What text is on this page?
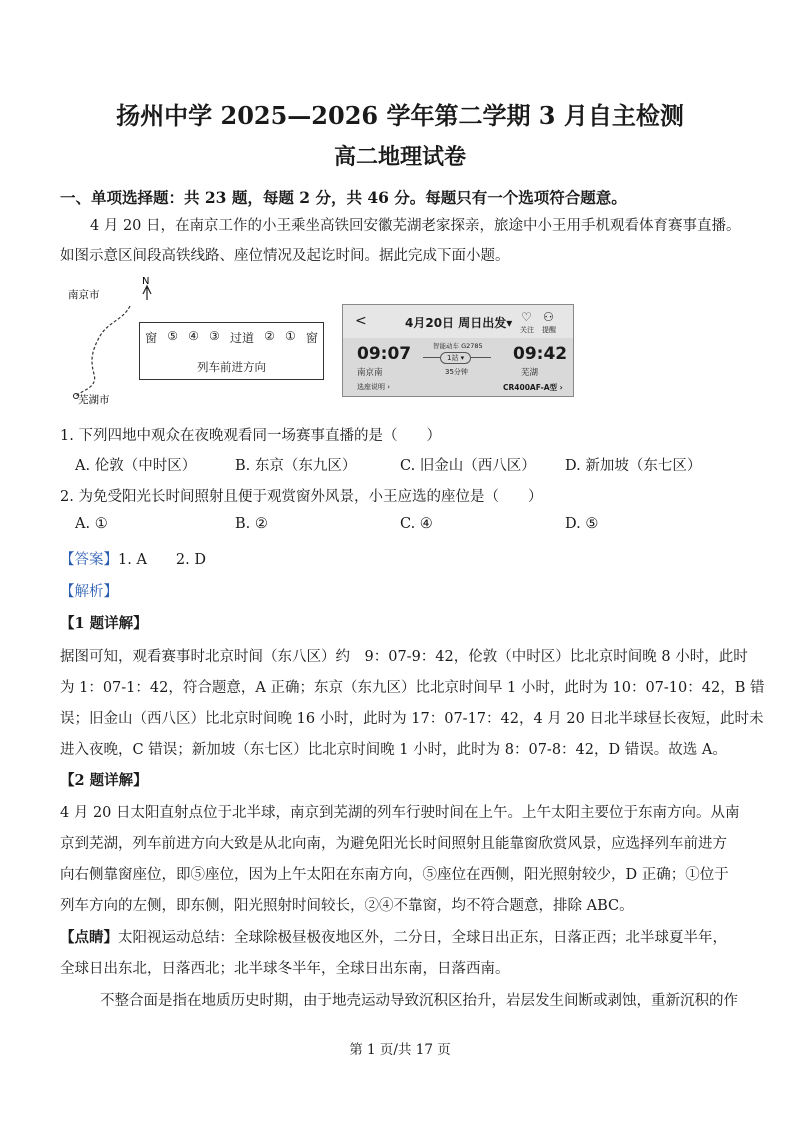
扬州中学 2025—2026 学年第二学期 3 月自主检测
高二地理试卷
一、单项选择题：共 23 题，每题 2 分，共 46 分。每题只有一个选项符合题意。
4 月 20 日，在南京工作的小王乘坐高铁回安徽芜湖老家探亲，旅途中小王用手机观看体育赛事直播。
如图示意区间段高铁线路、座位情况及起讫时间。据此完成下面小题。
N
南京市
芜湖市
窗 ⑤ ④ ③ 过道 ② ① 窗
列车前进方向
<	4月20日 周日出发▾ ♡
关注
⚇
提醒
09:07
南京南
智能动车 G2785
1站 ▾
35分钟
09:42
芜湖
选座说明 ›	CR400AF-A型 ›
1. 下列四地中观众在夜晚观看同一场赛事直播的是（　　）
A. 伦敦（中时区）	B. 东京（东九区）	C. 旧金山（西八区） D. 新加坡（东七区）
2. 为免受阳光长时间照射且便于观赏窗外风景，小王应选的座位是（　　）
A. ①	B. ②	C. ④	D. ⑤
【答案】1. A　　2. D
【解析】
【1 题详解】
据图可知，观看赛事时北京时间（东八区）约　9：07-9：42，伦敦（中时区）比北京时间晚 8 小时，此时
为 1：07-1：42，符合题意，A 正确；东京（东九区）比北京时间早 1 小时，此时为 10：07-10：42，B 错
误；旧金山（西八区）比北京时间晚 16 小时，此时为 17：07-17：42，4 月 20 日北半球昼长夜短，此时未
进入夜晚，C 错误；新加坡（东七区）比北京时间晚 1 小时，此时为 8：07-8：42，D 错误。故选 A。
【2 题详解】
4 月 20 日太阳直射点位于北半球，南京到芜湖的列车行驶时间在上午。上午太阳主要位于东南方向。从南
京到芜湖，列车前进方向大致是从北向南，为避免阳光长时间照射且能靠窗欣赏风景，应选择列车前进方
向右侧靠窗座位，即⑤座位，因为上午太阳在东南方向，⑤座位在西侧，阳光照射较少，D 正确；①位于
列车方向的左侧，即东侧，阳光照射时间较长，②④不靠窗，均不符合题意，排除 ABC。
【点睛】太阳视运动总结：全球除极昼极夜地区外，二分日，全球日出正东，日落正西；北半球夏半年，
全球日出东北，日落西北；北半球冬半年，全球日出东南，日落西南。
不整合面是指在地质历史时期，由于地壳运动导致沉积区抬升，岩层发生间断或剥蚀，重新沉积的作
第 1 页/共 17 页
